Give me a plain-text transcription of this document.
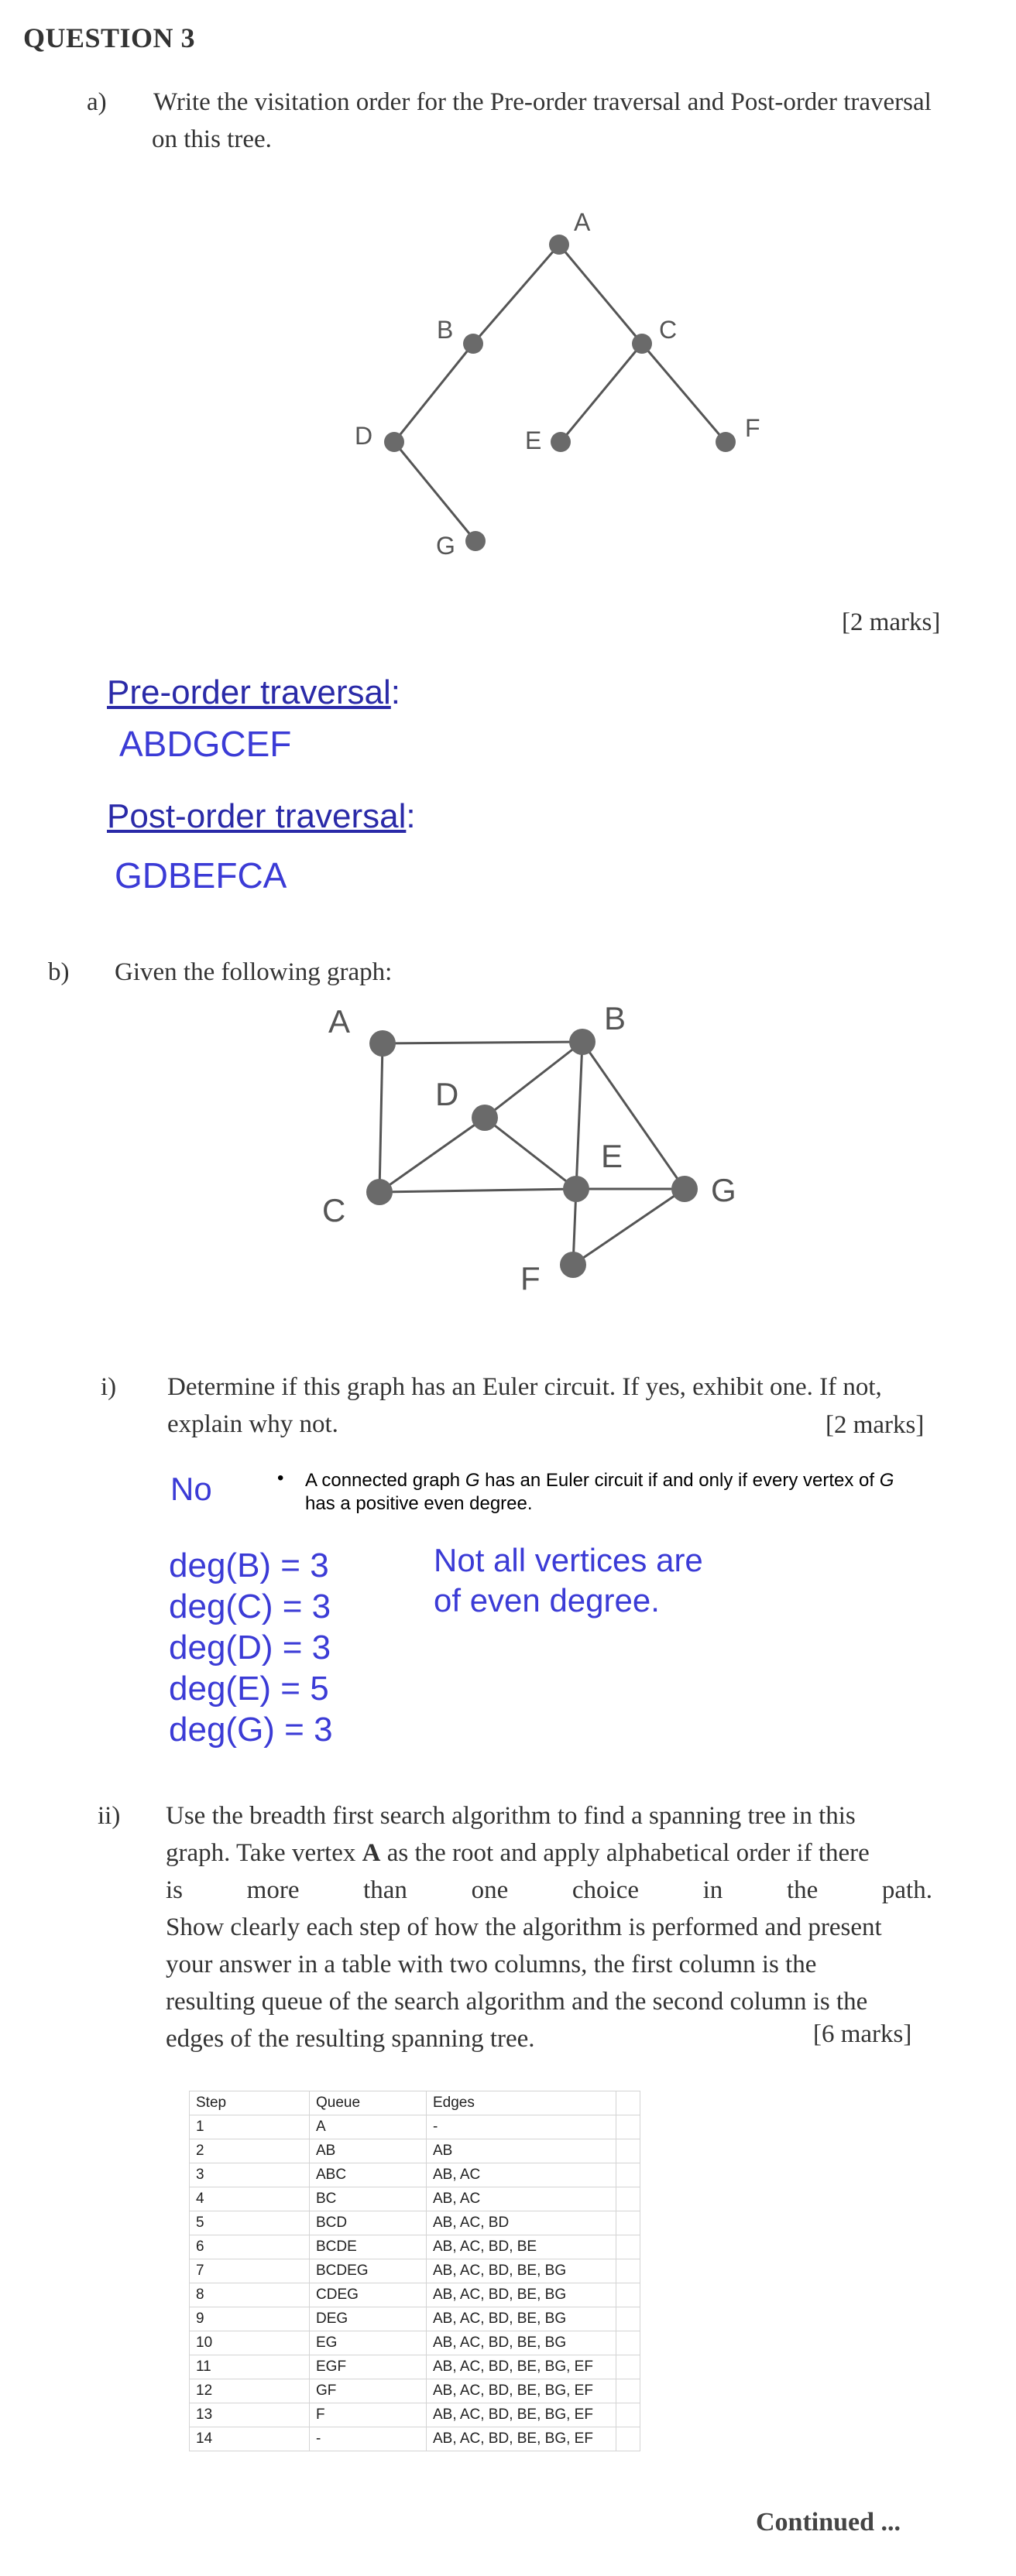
QUESTION 3
a) Write the visitation order for the Pre-order traversal and Post-order traversal
on this tree.
A
B	C
D	E	F
G
[2 marks]
Pre-order traversal:
ABDGCEF
Post-order traversal:
GDBEFCA
b) Given the following graph:
A	B
C
D
E
F
G
i) Determine if this graph has an Euler circuit. If yes, exhibit one. If not,
explain why not.	[2 marks]
No	• A connected graph G has an Euler circuit if and only if every vertex of G
has a positive even degree.
deg(B) = 3
deg(C) = 3
deg(D) = 3
deg(E) = 5
deg(G) = 3
Not all vertices are
of even degree.
ii) Use the breadth first search algorithm to find a spanning tree in this
graph. Take vertex A as the root and apply alphabetical order if there
is	more	than	one	choice	in	the	path.
Show clearly each step of how the algorithm is performed and present
your answer in a table with two columns, the first column is the
resulting queue of the search algorithm and the second column is the
edges of the resulting spanning tree.	[6 marks]
Step	Queue	Edges	
1	A	-	
2	AB	AB	
3	ABC	AB, AC	
4	BC	AB, AC	
5	BCD	AB, AC, BD	
6	BCDE	AB, AC, BD, BE	
7	BCDEG	AB, AC, BD, BE, BG	
8	CDEG	AB, AC, BD, BE, BG	
9	DEG	AB, AC, BD, BE, BG	
10	EG	AB, AC, BD, BE, BG	
11	EGF	AB, AC, BD, BE, BG, EF	
12	GF	AB, AC, BD, BE, BG, EF	
13	F	AB, AC, BD, BE, BG, EF	
14	-	AB, AC, BD, BE, BG, EF	
Continued ...
